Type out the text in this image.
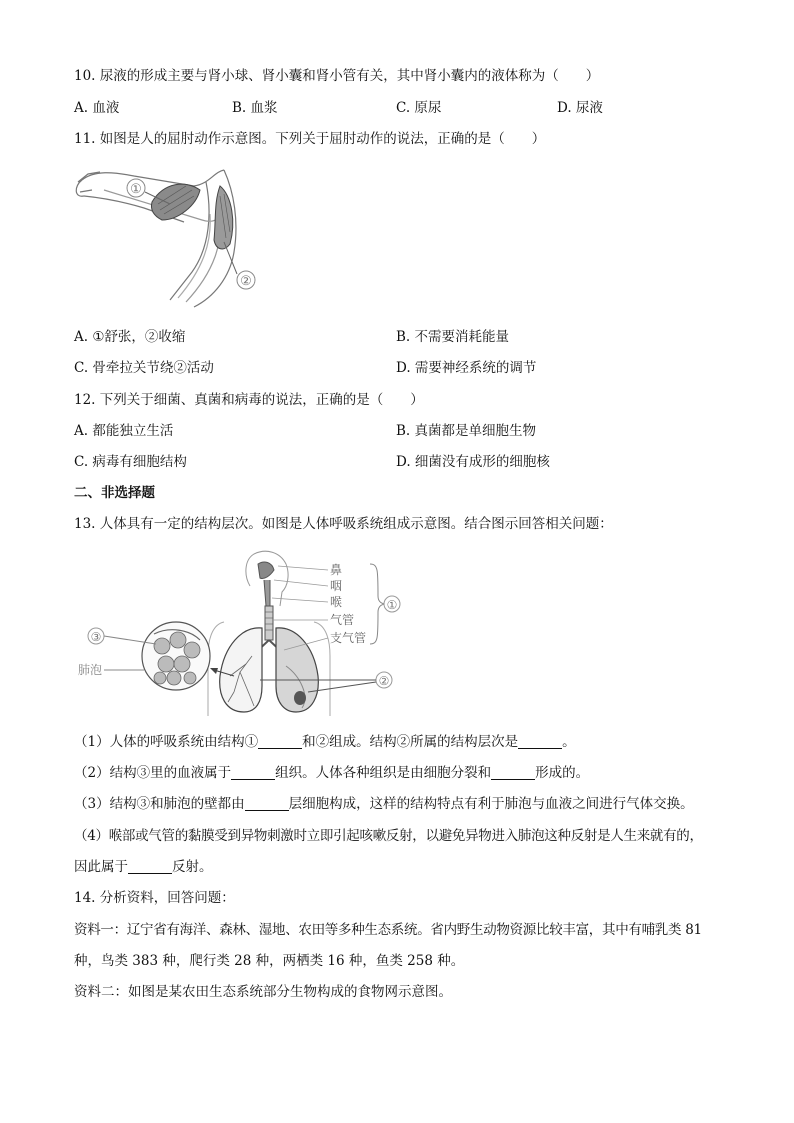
10. 尿液的形成主要与肾小球、肾小囊和肾小管有关，其中肾小囊内的液体称为（　　）
A. 血液	B. 血浆	C. 原尿	D. 尿液
11. 如图是人的屈肘动作示意图。下列关于屈肘动作的说法，正确的是（　　）
①
②
A. ①舒张，②收缩	B. 不需要消耗能量
C. 骨牵拉关节绕②活动	D. 需要神经系统的调节
12. 下列关于细菌、真菌和病毒的说法，正确的是（　　）
A. 都能独立生活	B. 真菌都是单细胞生物
C. 病毒有细胞结构	D. 细菌没有成形的细胞核
二、非选择题
13. 人体具有一定的结构层次。如图是人体呼吸系统组成示意图。结合图示回答相关问题：
③
肺泡
鼻
咽
喉
气管
支气管
①
②
（1）人体的呼吸系统由结构①	和②组成。结构②所属的结构层次是	。
（2）结构③里的血液属于	组织。人体各种组织是由细胞分裂和	形成的。
（3）结构③和肺泡的壁都由	层细胞构成，这样的结构特点有利于肺泡与血液之间进行气体交换。
（4）喉部或气管的黏膜受到异物刺激时立即引起咳嗽反射，以避免异物进入肺泡这种反射是人生来就有的，
因此属于	反射。
14. 分析资料，回答问题：
资料一：辽宁省有海洋、森林、湿地、农田等多种生态系统。省内野生动物资源比较丰富，其中有哺乳类 81
种，鸟类 383 种，爬行类 28 种，两栖类 16 种，鱼类 258 种。
资料二：如图是某农田生态系统部分生物构成的食物网示意图。
